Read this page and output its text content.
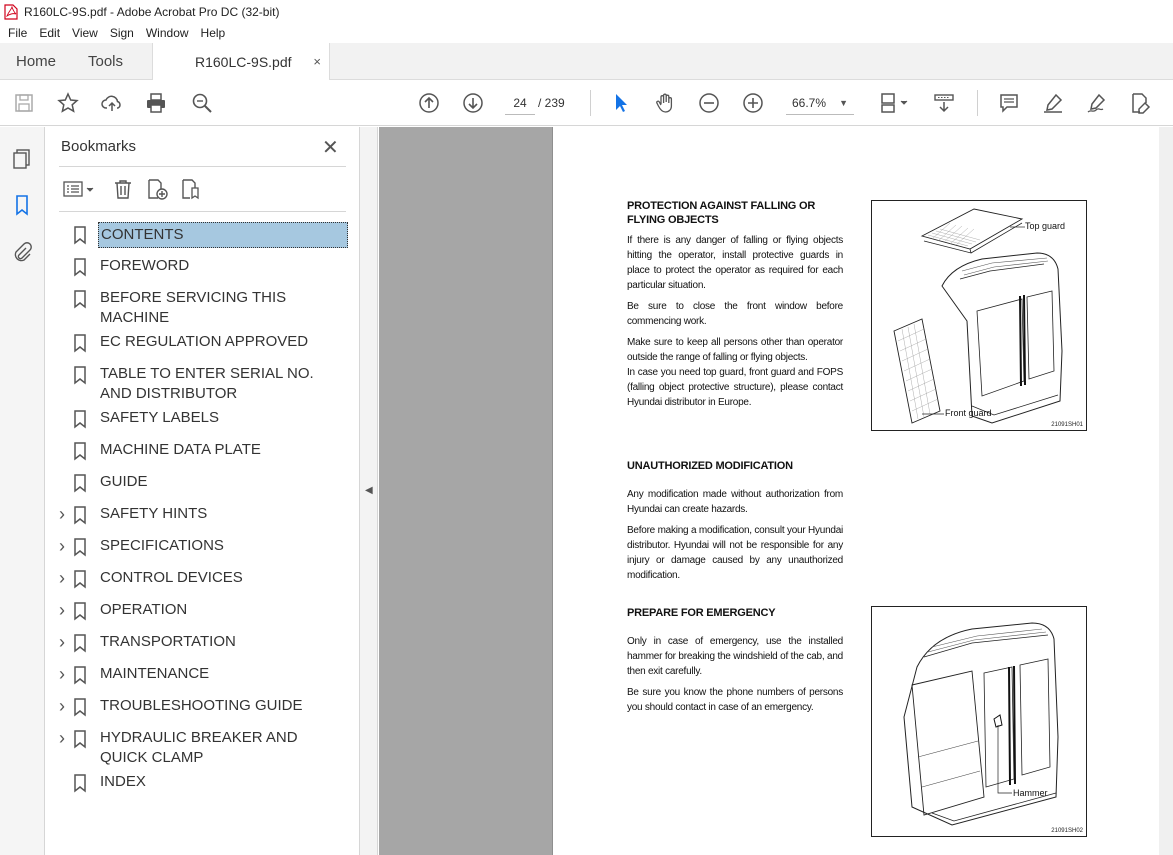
R160LC-9S.pdf - Adobe Acrobat Pro DC (32-bit)
File	Edit	View	Sign	Window	Help
Home Tools	R160LC-9S.pdf ×
24 / 239	66.7% ▼
Bookmarks	✕
CONTENTS
FOREWORD
BEFORE SERVICING THIS MACHINE
EC REGULATION APPROVED
TABLE TO ENTER SERIAL NO. AND DISTRIBUTOR
SAFETY LABELS
MACHINE DATA PLATE
GUIDE
›	SAFETY HINTS
›	SPECIFICATIONS
›	CONTROL DEVICES
›	OPERATION
›	TRANSPORTATION
›	MAINTENANCE
›	TROUBLESHOOTING GUIDE
›	HYDRAULIC BREAKER AND QUICK CLAMP
INDEX
◀
PROTECTION AGAINST FALLING OR FLYING OBJECTS

If there is any danger of falling or flying objects hitting the operator, install protective guards in place to protect the operator as required for each particular situation.

Be sure to close the front window before commencing work.

Make sure to keep all persons other than operator outside the range of falling or flying objects.

In case you need top guard, front guard and FOPS (falling object protective structure), please contact Hyundai distributor in Europe.

Top guard
Front guard
21091SH01
UNAUTHORIZED MODIFICATION

Any modification made without authorization from Hyundai can create hazards.

Before making a modification, consult your Hyundai distributor. Hyundai will not be responsible for any injury or damage caused by any unauthorized modification.

PREPARE FOR EMERGENCY

Only in case of emergency, use the installed hammer for breaking the windshield of the cab, and then exit carefully.

Be sure you know the phone numbers of persons you should contact in case of an emergency.

Hammer
21091SH02
